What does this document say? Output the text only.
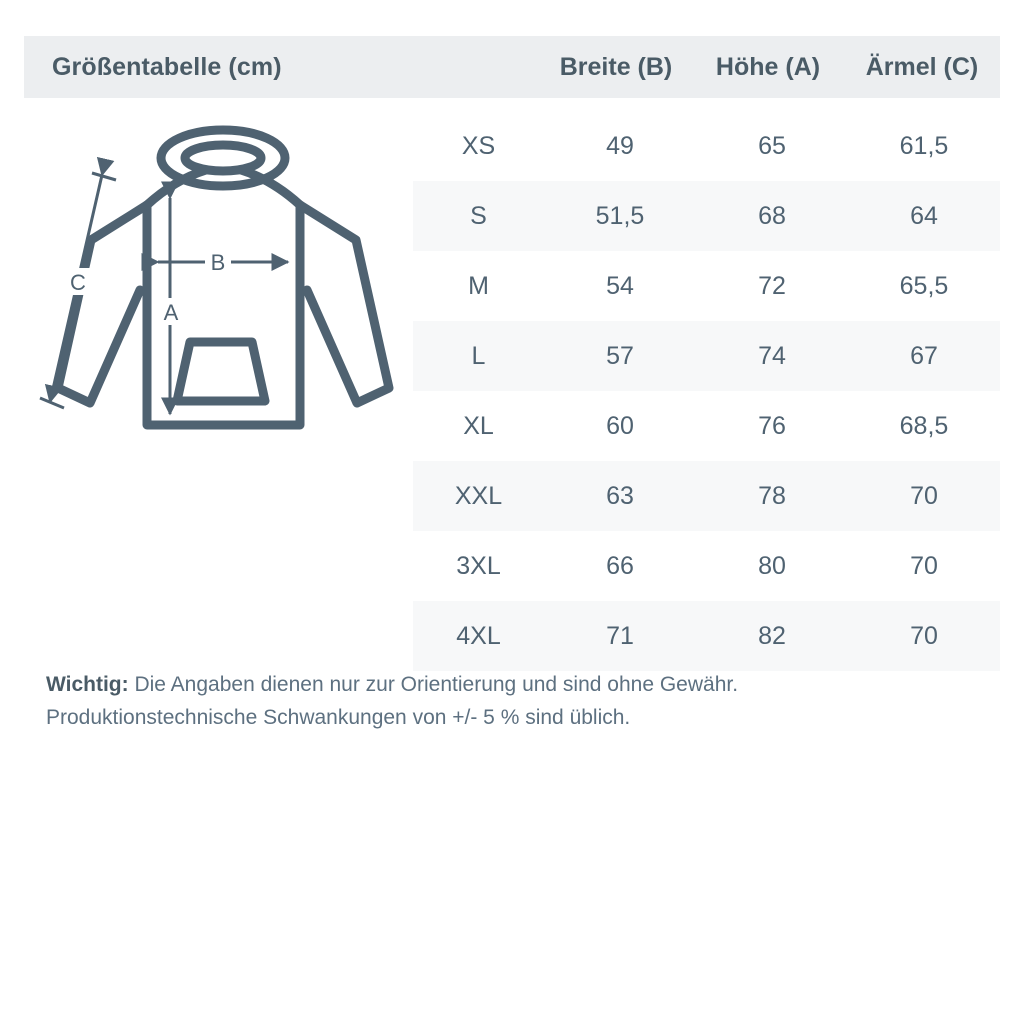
Größentabelle (cm)	Breite (B)	Höhe (A)	Ärmel (C)
XS	49	65	61,5
S	51,5	68	64
M	54	72	65,5
L	57	74	67
XL	60	76	68,5
XXL	63	78	70
3XL	66	80	70
4XL	71	82	70
B
A
C
Wichtig: Die Angaben dienen nur zur Orientierung und sind ohne Gewähr.
Produktionstechnische Schwankungen von +/- 5 % sind üblich.
